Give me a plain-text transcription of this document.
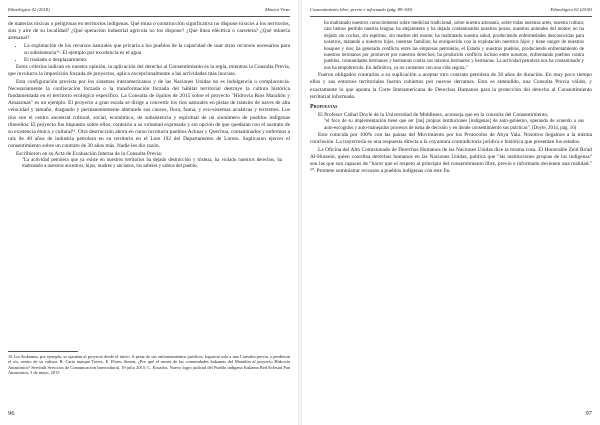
Ethnológica 02 (2018)	Mónica Vivar

de materias tóxicas o peligrosas en territorios indígenas. Qué mina o construcción significativa no dispone tóxicos a los territorios, sios y aire de su localidad? ¿Qué operación industrial agrícola no los dispone? ¿Qué línea eléctrica o carretera? ¿Qué minería artesanal?

• La explotación de los recursos naturales que privaría a los pueblos de la capacidad de usar otros recursos necesarios para su subsistencia¹⁶. El ejemplo por excelencia es el agua
• El traslado o desplazamiento.

Estos criterios indican en nuestra opinión, la aplicación del derecho al Consentimiento es la regla, mientras la Consulta Previa, que involucra la imposición forzada de proyectos, aplica excepcionalmente a las actividades más inocuas.

Esta configuración prevista por los sistemas interamericanos y de las Naciones Unidas no es indulgencia o complacencia. Necesariamente la confiscación forzada o la transformación forzada del hábitat territorial destruye la cultura histórica fundamentada en el territorio ecológico específico. La Consulta de Iquitos de 2015 sobre el proyecto "Hidrovía Ríos Marañón y Amazonas" es un ejemplo. El proyecto a gran escala se dirige a convertir los ríos naturales en pistas de tránsito de naves de alta velocidad y tamaño, dragando y permanentemente alterando sus cauces, flora, fauna, y eco-sistemas acuáticas y terrestres. Los ríos son el centro ancestral cultural, social, económico, de subsistencia y espiritual de un sinnúmero de pueblos indígenas ribereños. El proyecto fue impuesto sobre ellos, contrario a su voluntad expresada y sin opción de que quedaran con el sustrato de su existencia étnica y cultural¹⁶. Otra destrucción ahora en curso involucra pueblos Achuar y Quechua, contaminados y enfermos a raíz de 40 años de industria petrolera en su territorio en el Lote 192 del Departamento de Loreto. Suplicaron ejercer el consentimiento sobre un contrato de 30 años más. Nadie les dio razón.

Escribieron en su Acta de Evaluación Interna de la Consulta Previa:

"La actividad petrolera que ya existe en nuestros territorios ha dejado destrucción y tristeza, ha violado nuestros derechos, ha maltratado a nuestros ancestros, hijos, madres y ancianos, los saberes y sabios del pueblo;

16 Los Kukamas, por ejemplo, se oponían al proyecto desde el inicio. A pesar de sus enfrentamientos jurídicos, lograron solo a una Consulta previa, y perdieron el río, centro de su cultura. R. Carta marque Torres, E. Flores Simón, ¿Por qué el rumor de las comunidades kukamas del Marañón al proyecto Hidrovía Amazónica? Servindi Servicios de Comunicación Intercultural, 19 julio 2015; C. Ecuador, Nuevo logro judicial del Pueblo indígena Kukama Red Eclesial Pan Amazónica, 3 de mayo, 2015
96
Consentimiento libre, previo e informado (pág. 89-100)	Ethnológica 02 (2018)

ha maltratado nuestros conocimientos sobre medicina tradicional, sobre nuestra artesanía, sobre todas nuestras artes, nuestra cultura; casi hemos perdido nuestra lengua; ha alejamiento y ha dejado contaminados nuestros pozos, nuestros animales del monte; no ha dejado sin cochas, sin espíritus, sin madres del monte; ha maltratado nuestra salud, produciendo enfermedades desconocidas para nosotros, matando a nuestros hijos, nuestras familias; ha enriquecido con la explotación nuestros hijos y tiene sangre de nuestros bosques y ríos; ha generado conflicto entre las empresas petroleras, el Estado y nuestros pueblos, produciendo enfrentamiento de nuestros hermanos por promover por nuestros derechos; ha producido conflicto incluso entre nosotros, enfrentando pueblos contra pueblos, comunidades hermanos y hermanas contra sus mismos hermanos y hermanas. La actividad petrolera nos ha contaminado y nos ha empobrecido. En definitiva, ya no contamos con una vida segura."

Fueron obligados contrarios a su suplicación a aceptar otro contrato petrolera de 30 años de duración. En muy poco tiempo ellos y sus entornos territoriales fueron cubiertos por nuevos derrames. Esto es entendido, una Consulta Previa válido, y exactamente lo que apunta la Corte Interamericana de Derechos Humanos para la protección del derecho al Consentimiento territorial informado.

Propuestas

El Profesor Cathal Doyle de la Universidad de Middlesex, aconseja que en la consulta del Consentimiento,

"el foco de su implementación tiene que ser [las] propias instituciones [indígenas] de auto-gobierno, operando de acuerdo a sus auto-escogidos y auto-manejados procesos de toma de decisión y en donde consentimiento sus prácticas". (Doyle, 2014, pág. 16)

Esto coincida por 100% con las pautas del Movimiento por los Protocolos de Abya Yala. Nosotros llegamos a la misma conclusión. La trayectoria es una respuesta directa a la coyuntura contradictoria jurídica e histórica que presentan los estados.

La Oficina del Alto Comisionado de Derechos Humanos de las Naciones Unidas dice la misma cosa. El Honorable Zeid Ra'ad Al-Hussein, quien coordina derechos humanos en las Naciones Unidas, publica que "las instituciones propias de los indígenas" son las que son capaces de "hacer que el respeto al principio del consentimiento libre, previo e informado devienen una realidad." ²⁰. Promete suministrar recursos a pueblos indígenas con este fin.

97
